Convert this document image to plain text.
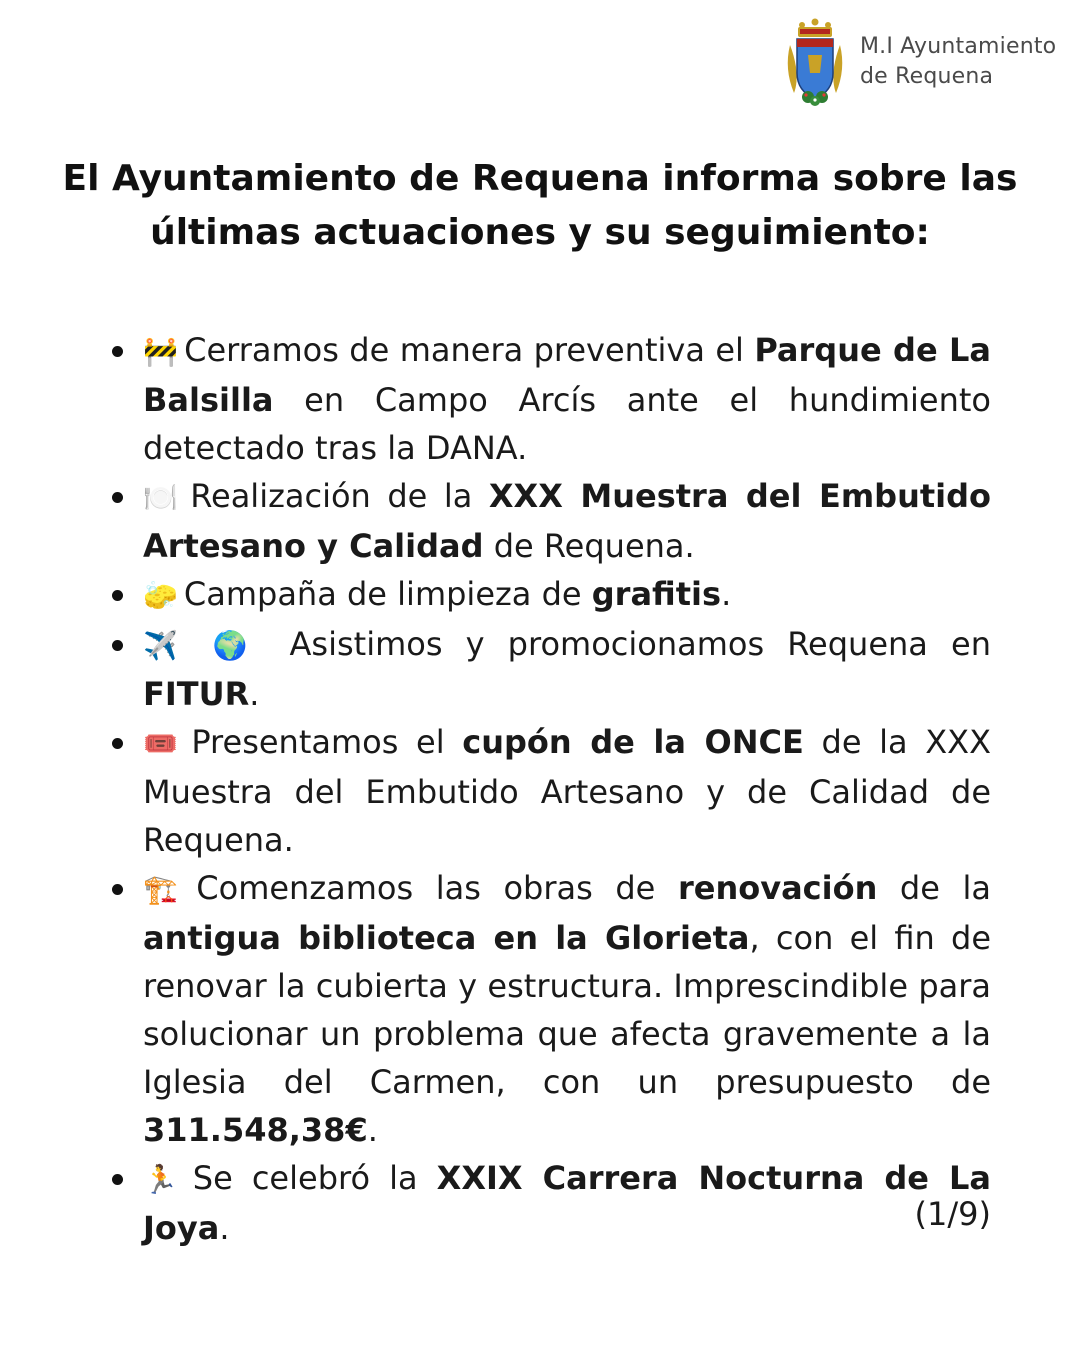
M.I Ayuntamiento
de Requena
El Ayuntamiento de Requena informa sobre las últimas actuaciones y su seguimiento:
🚧 Cerramos de manera preventiva el Parque de La Balsilla en Campo Arcís ante el hundimiento detectado tras la DANA.
🍽️ Realización de la XXX Muestra del Embutido Artesano y Calidad de Requena.
🧽 Campaña de limpieza de grafitis.
✈️ 🌍 Asistimos y promocionamos Requena en FITUR.
🎟️ Presentamos el cupón de la ONCE de la XXX Muestra del Embutido Artesano y de Calidad de Requena.
🏗️ Comenzamos las obras de renovación de la antigua biblioteca en la Glorieta, con el fin de renovar la cubierta y estructura. Imprescindible para solucionar un problema que afecta gravemente a la Iglesia del Carmen, con un presupuesto de 311.548,38€.
🏃 Se celebró la XXIX Carrera Nocturna de La Joya.	(1/9)
